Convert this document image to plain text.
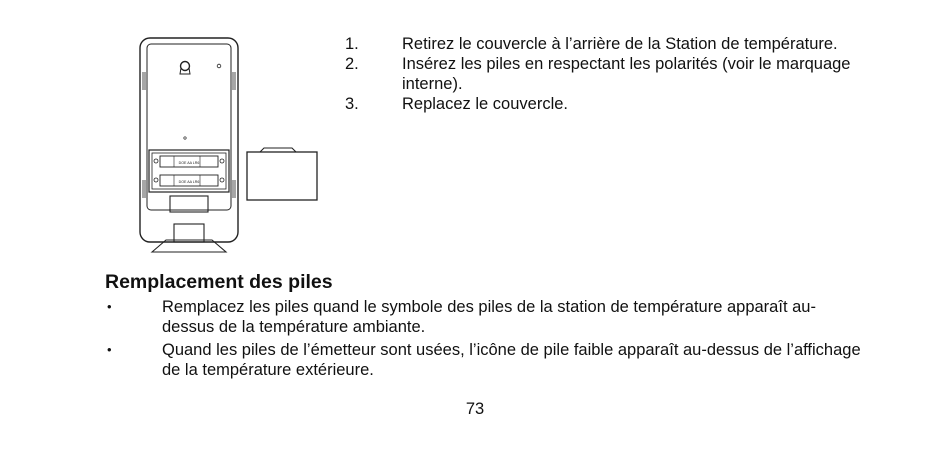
DOE AA LR6
DOE AA LR6
1.	Retirez le couvercle à l’arrière de la Station de température.
2.	Insérez les piles en respectant les polarités (voir le marquage interne).
3.	Replacez le couvercle.
Remplacement des piles
•	Remplacez les piles quand le symbole des piles de la station de température apparaît au-dessus de la température ambiante.
•	Quand les piles de l’émetteur sont usées, l’icône de pile faible apparaît au-dessus de l’affichage de la température extérieure.
73
